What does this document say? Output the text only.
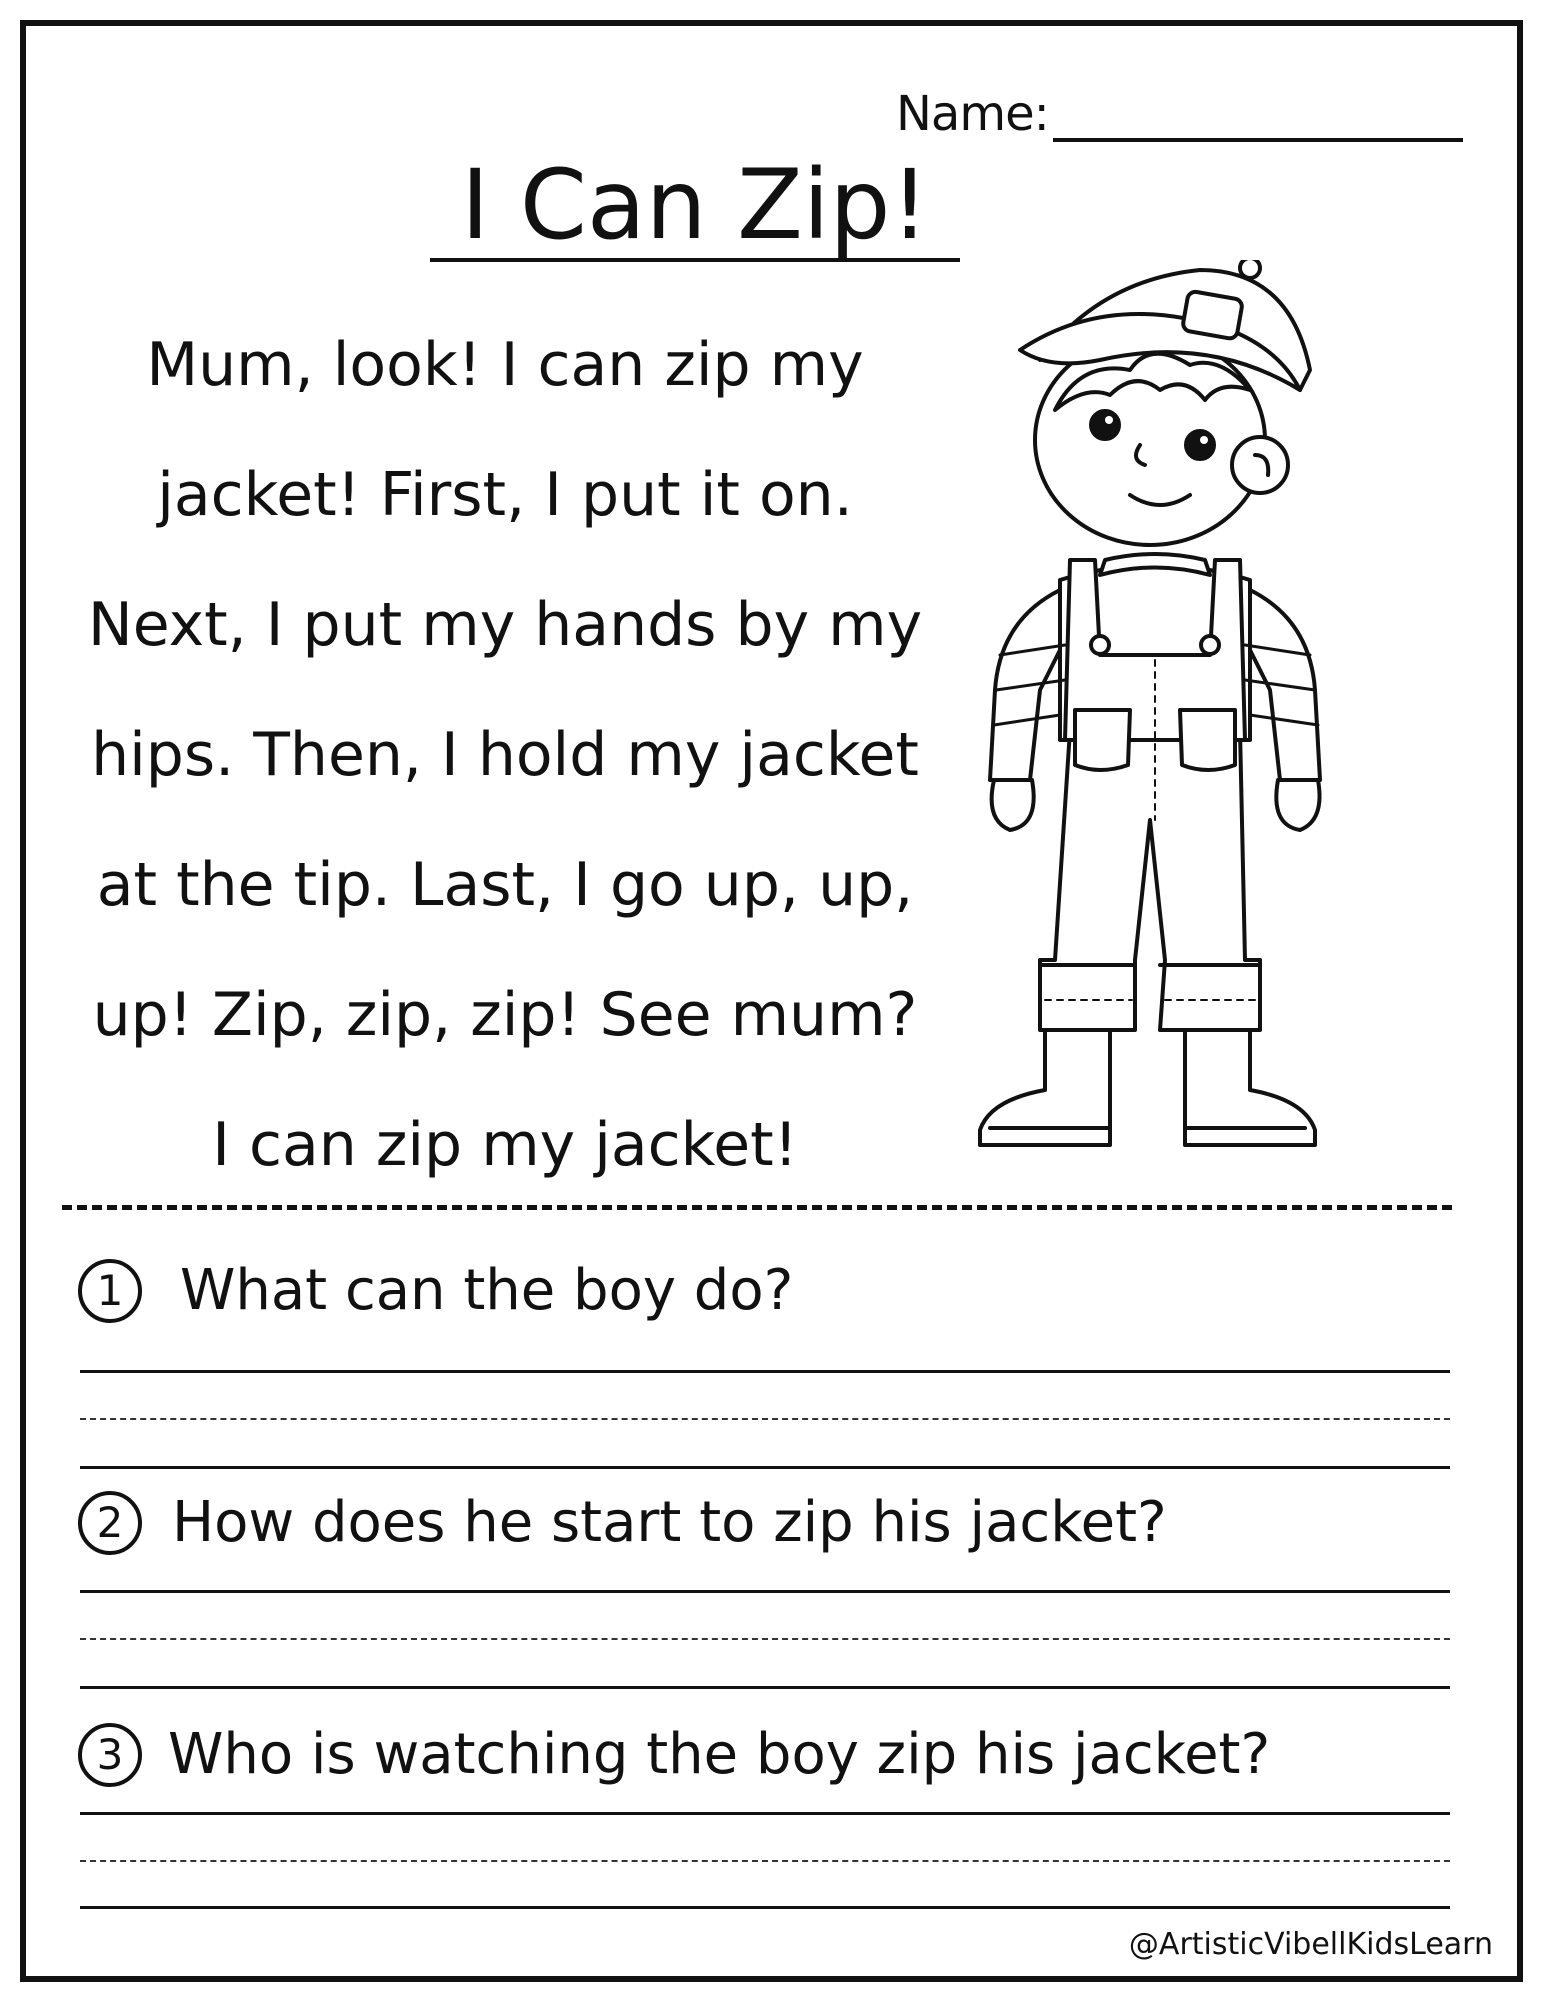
Name:
I Can Zip!
Mum, look! I can zip my
jacket! First, I put it on.
Next, I put my hands by my
hips. Then, I hold my jacket
at the tip. Last, I go up, up,
up! Zip, zip, zip! See mum?
I can zip my jacket!
1	What can the boy do?
2 How does he start to zip his jacket?
3 Who is watching the boy zip his jacket?
@ArtisticVibellKidsLearn
